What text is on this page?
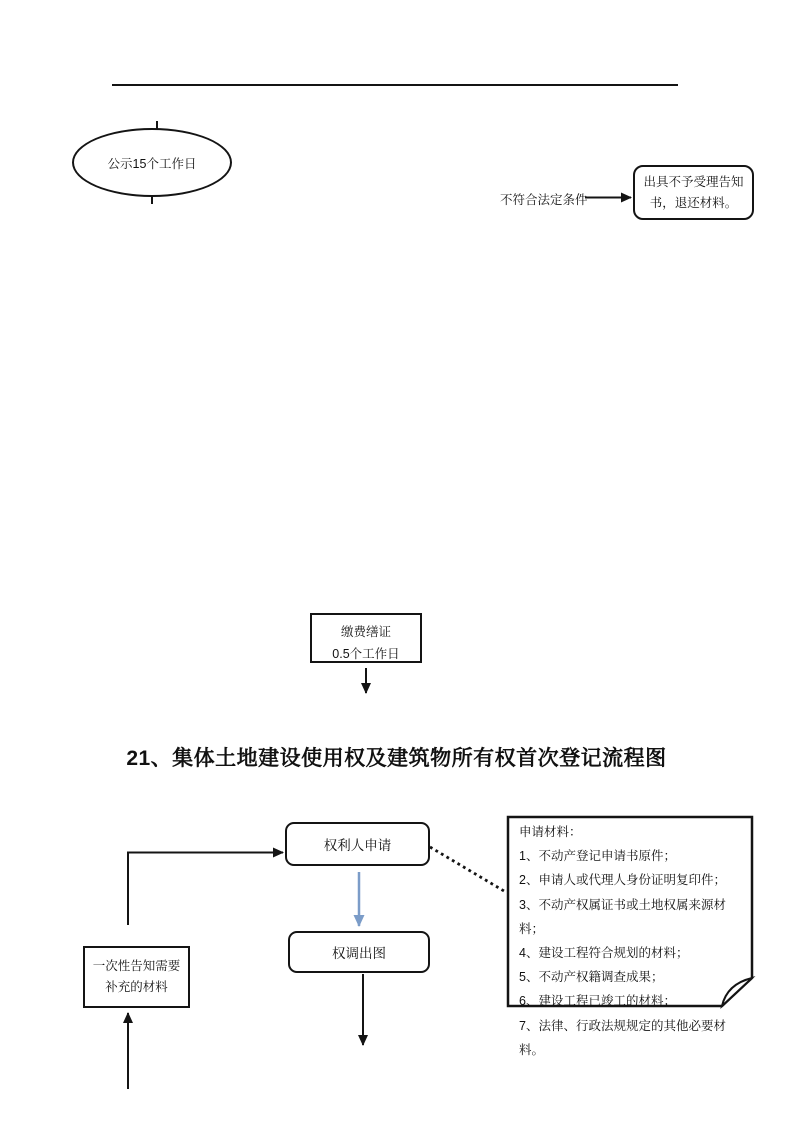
公示15个工作日
不符合法定条件
出具不予受理告知
书，退还材料。
缴费缮证
0.5个工作日
21、集体土地建设使用权及建筑物所有权首次登记流程图
权利人申请
权调出图
一次性告知需要
补充的材料
申请材料：
1、不动产登记申请书原件；
2、申请人或代理人身份证明复印件；
3、不动产权属证书或土地权属来源材料；
4、建设工程符合规划的材料；
5、不动产权籍调查成果；
6、建设工程已竣工的材料；
7、法律、行政法规规定的其他必要材料。
